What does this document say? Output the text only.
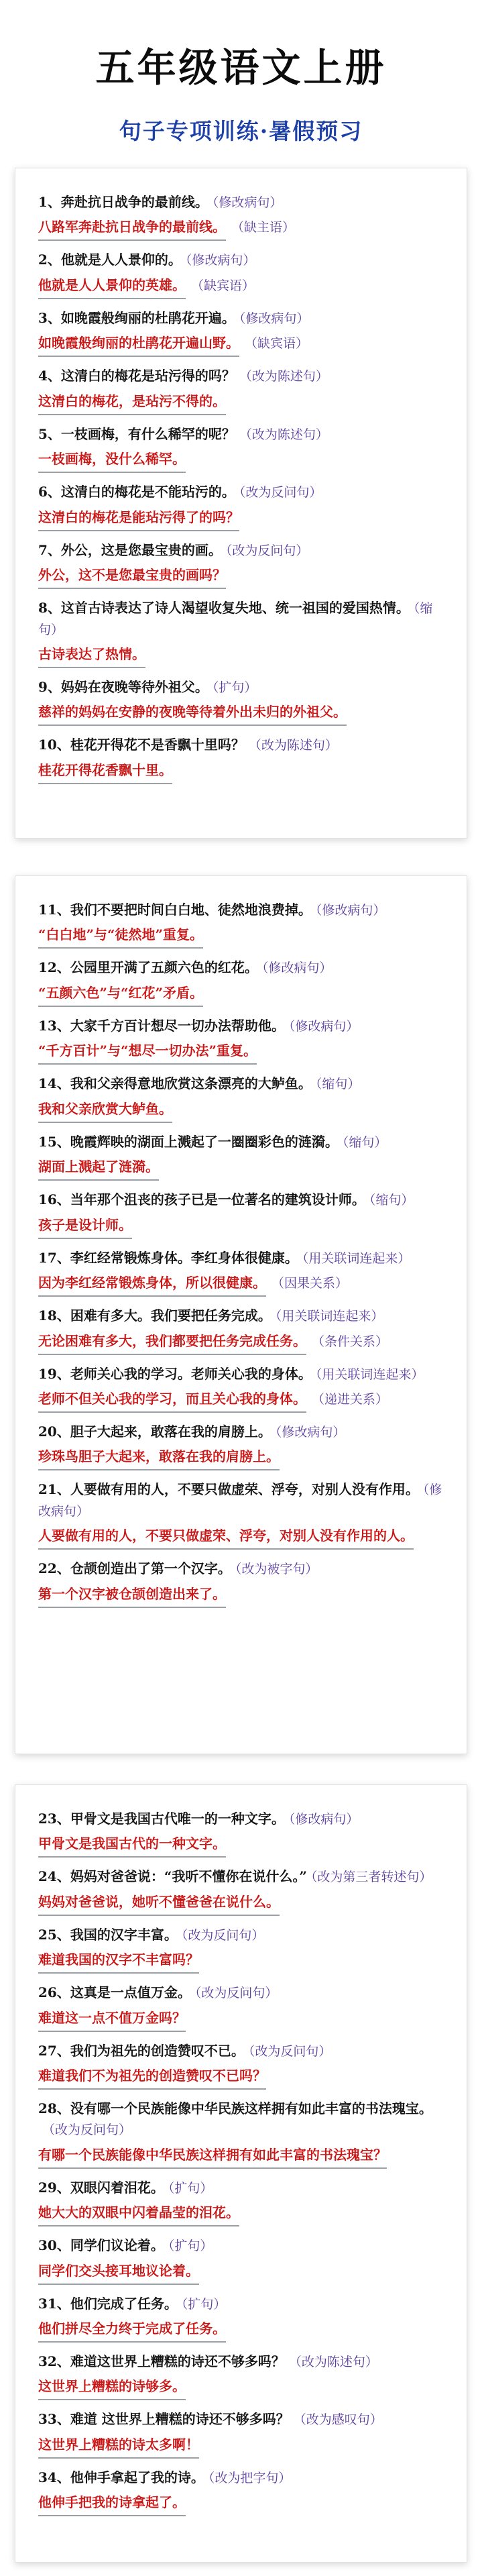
五年级语文上册
句子专项训练·暑假预习
1、奔赴抗日战争的最前线。 （修改病句）
八路军奔赴抗日战争的最前线。 （缺主语）
2、他就是人人景仰的。 （修改病句）
他就是人人景仰的英雄。 （缺宾语）
3、如晚霞般绚丽的杜鹃花开遍。 （修改病句）
如晚霞般绚丽的杜鹃花开遍山野。 （缺宾语）
4、这清白的梅花是玷污得的吗？ （改为陈述句）
这清白的梅花，是玷污不得的。
5、一枝画梅，有什么稀罕的呢？ （改为陈述句）
一枝画梅，没什么稀罕。
6、这清白的梅花是不能玷污的。 （改为反问句）
这清白的梅花是能玷污得了的吗？
7、外公，这是您最宝贵的画。 （改为反问句）
外公，这不是您最宝贵的画吗？
8、这首古诗表达了诗人渴望收复失地、统一祖国的爱国热情。 （缩句）
古诗表达了热情。
9、妈妈在夜晚等待外祖父。 （扩句）
慈祥的妈妈在安静的夜晚等待着外出未归的外祖父。
10、桂花开得花不是香飘十里吗？ （改为陈述句）
桂花开得花香飘十里。
11、我们不要把时间白白地、徒然地浪费掉。 （修改病句）
“白白地”与“徒然地”重复。
12、公园里开满了五颜六色的红花。 （修改病句）
“五颜六色”与“红花”矛盾。
13、大家千方百计想尽一切办法帮助他。 （修改病句）
“千方百计”与“想尽一切办法”重复。
14、我和父亲得意地欣赏这条漂亮的大鲈鱼。 （缩句）
我和父亲欣赏大鲈鱼。
15、晚霞辉映的湖面上溅起了一圈圈彩色的涟漪。 （缩句）
湖面上溅起了涟漪。
16、当年那个沮丧的孩子已是一位著名的建筑设计师。 （缩句）
孩子是设计师。
17、李红经常锻炼身体。李红身体很健康。 （用关联词连起来）
因为李红经常锻炼身体，所以很健康。 （因果关系）
18、困难有多大。我们要把任务完成。 （用关联词连起来）
无论困难有多大，我们都要把任务完成任务。 （条件关系）
19、老师关心我的学习。老师关心我的身体。 （用关联词连起来）
老师不但关心我的学习，而且关心我的身体。 （递进关系）
20、胆子大起来，敢落在我的肩膀上。 （修改病句）
珍珠鸟胆子大起来，敢落在我的肩膀上。
21、人要做有用的人，不要只做虚荣、浮夸，对别人没有作用。 （修改病句）
人要做有用的人，不要只做虚荣、浮夸，对别人没有作用的人。
22、仓颉创造出了第一个汉字。 （改为被字句）
第一个汉字被仓颉创造出来了。
23、甲骨文是我国古代唯一的一种文字。 （修改病句）
甲骨文是我国古代的一种文字。
24、妈妈对爸爸说：“我听不懂你在说什么。” （改为第三者转述句）
妈妈对爸爸说，她听不懂爸爸在说什么。
25、我国的汉字丰富。 （改为反问句）
难道我国的汉字不丰富吗？
26、这真是一点值万金。 （改为反问句）
难道这一点不值万金吗？
27、我们为祖先的创造赞叹不已。 （改为反问句）
难道我们不为祖先的创造赞叹不已吗？
28、没有哪一个民族能像中华民族这样拥有如此丰富的书法瑰宝。（改为反问句）
有哪一个民族能像中华民族这样拥有如此丰富的书法瑰宝？
29、双眼闪着泪花。 （扩句）
她大大的双眼中闪着晶莹的泪花。
30、同学们议论着。 （扩句）
同学们交头接耳地议论着。
31、他们完成了任务。 （扩句）
他们拼尽全力终于完成了任务。
32、难道这世界上糟糕的诗还不够多吗？ （改为陈述句）
这世界上糟糕的诗够多。
33、难道 这世界上糟糕的诗还不够多吗？ （改为感叹句）
这世界上糟糕的诗太多啊！
34、他伸手拿起了我的诗。 （改为把字句）
他伸手把我的诗拿起了。
